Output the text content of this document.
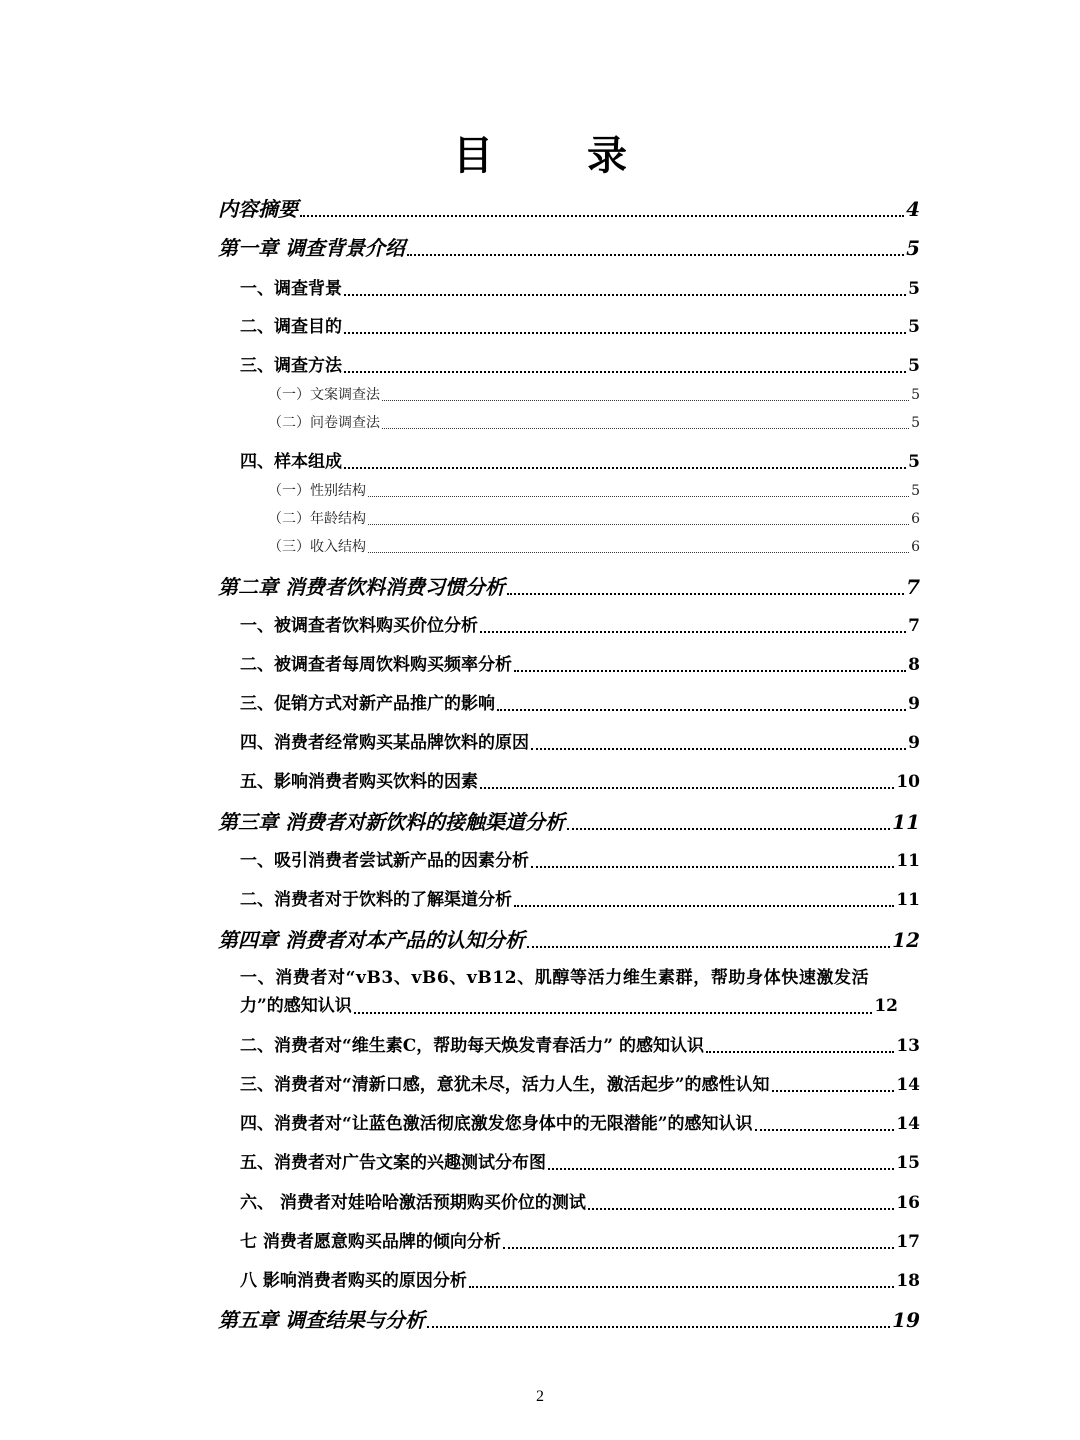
目 录
内容摘要	4
第一章 调查背景介绍	5
一、调查背景	5
二、调查目的	5
三、调查方法	5
（一）文案调查法	5
（二）问卷调查法	5
四、样本组成	5
（一）性别结构	5
（二）年龄结构	6
（三）收入结构	6
第二章 消费者饮料消费习惯分析	7
一、被调查者饮料购买价位分析	7
二、被调查者每周饮料购买频率分析	8
三、促销方式对新产品推广的影响	9
四、消费者经常购买某品牌饮料的原因	9
五、影响消费者购买饮料的因素	10
第三章 消费者对新饮料的接触渠道分析	11
一、吸引消费者尝试新产品的因素分析	11
二、消费者对于饮料的了解渠道分析	11
第四章 消费者对本产品的认知分析	12
一、消费者对“vB3、vB6、vB12、肌醇等活力维生素群，帮助身体快速激发活
力”的感知认识	12
二、消费者对“维生素C，帮助每天焕发青春活力” 的感知认识	13
三、消费者对“清新口感，意犹未尽，活力人生，激活起步”的感性认知	14
四、消费者对“让蓝色激活彻底激发您身体中的无限潜能”的感知认识	14
五、消费者对广告文案的兴趣测试分布图	15
六、 消费者对娃哈哈激活预期购买价位的测试	16
七 消费者愿意购买品牌的倾向分析	17
八 影响消费者购买的原因分析	18
第五章 调查结果与分析	19
2
